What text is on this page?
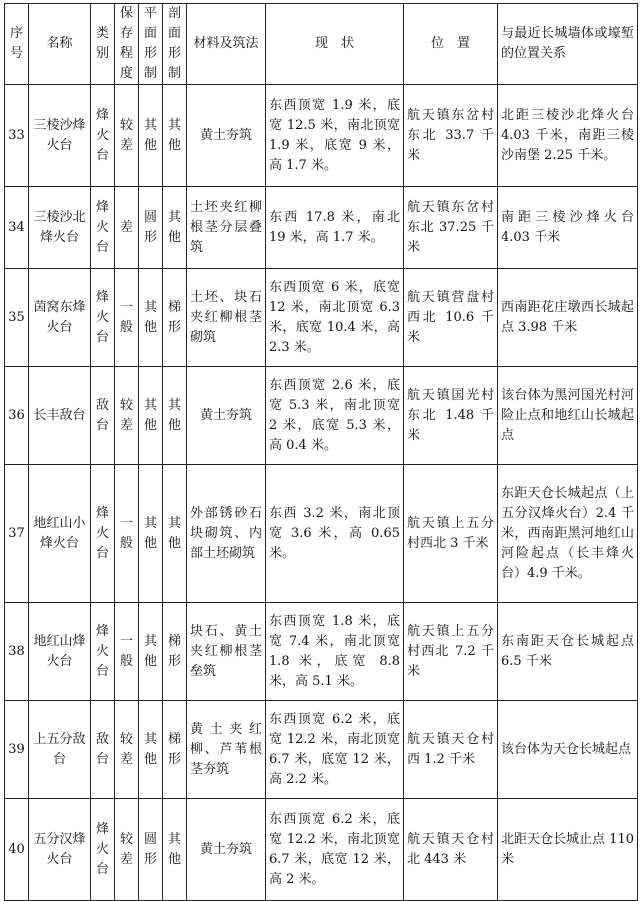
序号	名称	类别	保存程度	平面形制	剖面形制	材料及筑法	现　状	位　置	与最近长城墙体或壕堑的位置关系
33	三棱沙烽火台	烽火台	较差	其他	其他	黄土夯筑	东西顶宽 1.9 米，底宽 12.5 米，南北顶宽 1.9 米，底宽 9 米，高 1.7 米。	航天镇东岔村东北 33.7 千米	北距三棱沙北烽火台 4.03 千米，南距三棱沙南堡 2.25 千米。
34	三棱沙北烽火台	烽火台	差	圆形	其他	土坯夹红柳根茎分层叠筑	东西 17.8 米，南北 19 米，高 1.7 米。	航天镇东岔村东北 37.25 千米	南距三棱沙烽火台 4.03 千米
35	茵窝东烽火台	烽火台	一般	其他	梯形	土坯、块石夹红柳根茎砌筑	东西顶宽 6 米，底宽 12 米，南北顶宽 6.3 米，底宽 10.4 米，高 2.3 米。	航天镇营盘村西北 10.6 千米	西南距花庄墩西长城起点 3.98 千米
36	长丰敌台	敌台	较差	其他	其他	黄土夯筑	东西顶宽 2.6 米，底宽 5.3 米，南北顶宽 2 米，底宽 5.3 米，高 0.4 米。	航天镇国光村东北 1.48 千米	该台体为黑河国光村河险止点和地红山长城起点
37	地红山小烽火台	烽火台	一般	其他	其他	外部锈砂石块砌筑、内部土坯砌筑	东西 3.2 米，南北顶宽 3.6 米，高 0.65 米。	航天镇上五分村西北 3 千米	东距天仓长城起点（上五分汉烽火台）2.4 千米，西南距黑河地红山河险起点（长丰烽火台）4.9 千米。
38	地红山烽火台	烽火台	一般	其他	梯形	块石、黄土夹红柳根茎垒筑	东西顶宽 1.8 米，底宽 7.4 米，南北顶宽 1.8 米，底宽 8.8 米，高 5.1 米。	航天镇上五分村西北 7.2 千米	东南距天仓长城起点 6.5 千米
39	上五分敌台	敌台	较差	其他	梯形	黄土夹红柳、芦苇根茎夯筑	东西顶宽 6.2 米，底宽 12.2 米，南北顶宽 6.7 米，底宽 12 米，高 2.2 米。	航天镇天仓村西 1.2 千米	该台体为天仓长城起点
40	五分汉烽火台	烽火台	较差	圆形	其他	黄土夯筑	东西顶宽 6.2 米，底宽 12.2 米，南北顶宽 6.7 米，底宽 12 米，高 2 米。	航天镇天仓村北 443 米	北距天仓长城止点 110 米
